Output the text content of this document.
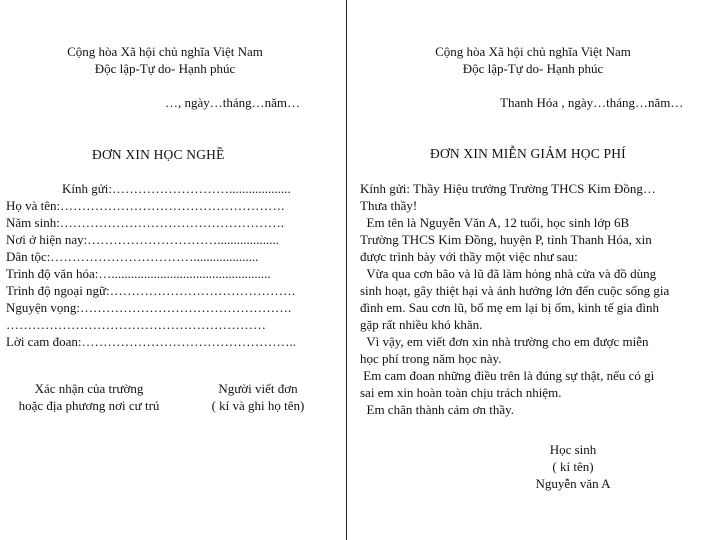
Cộng hòa Xã hội chủ nghĩa Việt Nam
Độc lập-Tự do- Hạnh phúc
…, ngày…tháng…năm…
ĐƠN XIN HỌC NGHỀ
Kính gửi:………………………...................
Họ và tên:…………………………………………….
Năm sinh:…………………………………………….
Nơi ở hiện nay:…………………………...................
Dân tộc:……………………………....................
Trình độ văn hóa:….................................................
Trình độ ngoại ngữ:…………………………………….
Nguyện vọng:………………………………………….
……………………………………………………
Lời cam đoan:…………………………………………..
Xác nhận của trường
hoặc địa phương nơi cư trú
Người viết đơn
( kí và ghi họ tên)
Cộng hòa Xã hội chủ nghĩa Việt Nam
Độc lập-Tự do- Hạnh phúc
Thanh Hóa , ngày…tháng…năm…
ĐƠN XIN MIỄN GIẢM HỌC PHÍ
Kính gửi: Thầy Hiệu trưởng Trường THCS Kim Đồng…
Thưa thầy!
Em tên là Nguyễn Văn A, 12 tuổi, học sinh lớp 6B
Trường THCS Kim Đồng, huyện P, tỉnh Thanh Hóa, xin
được trình bày với thầy một việc như sau:
Vừa qua cơn bão và lũ đã làm hỏng nhà cửa và đồ dùng
sinh hoạt, gây thiệt hại và ảnh hưởng lớn đến cuộc sống gia
đình em. Sau cơn lũ, bố mẹ em lại bị ốm, kinh tế gia đình
gặp rất nhiều khó khăn.
Vì vậy, em viết đơn xin nhà trường cho em được miễn
học phí trong năm học này.
Em cam đoan những điều trên là đúng sự thật, nếu có gì
sai em xin hoàn toàn chịu trách nhiệm.
Em chân thành cảm ơn thầy.
Học sinh
( kí tên)
Nguyễn văn A
